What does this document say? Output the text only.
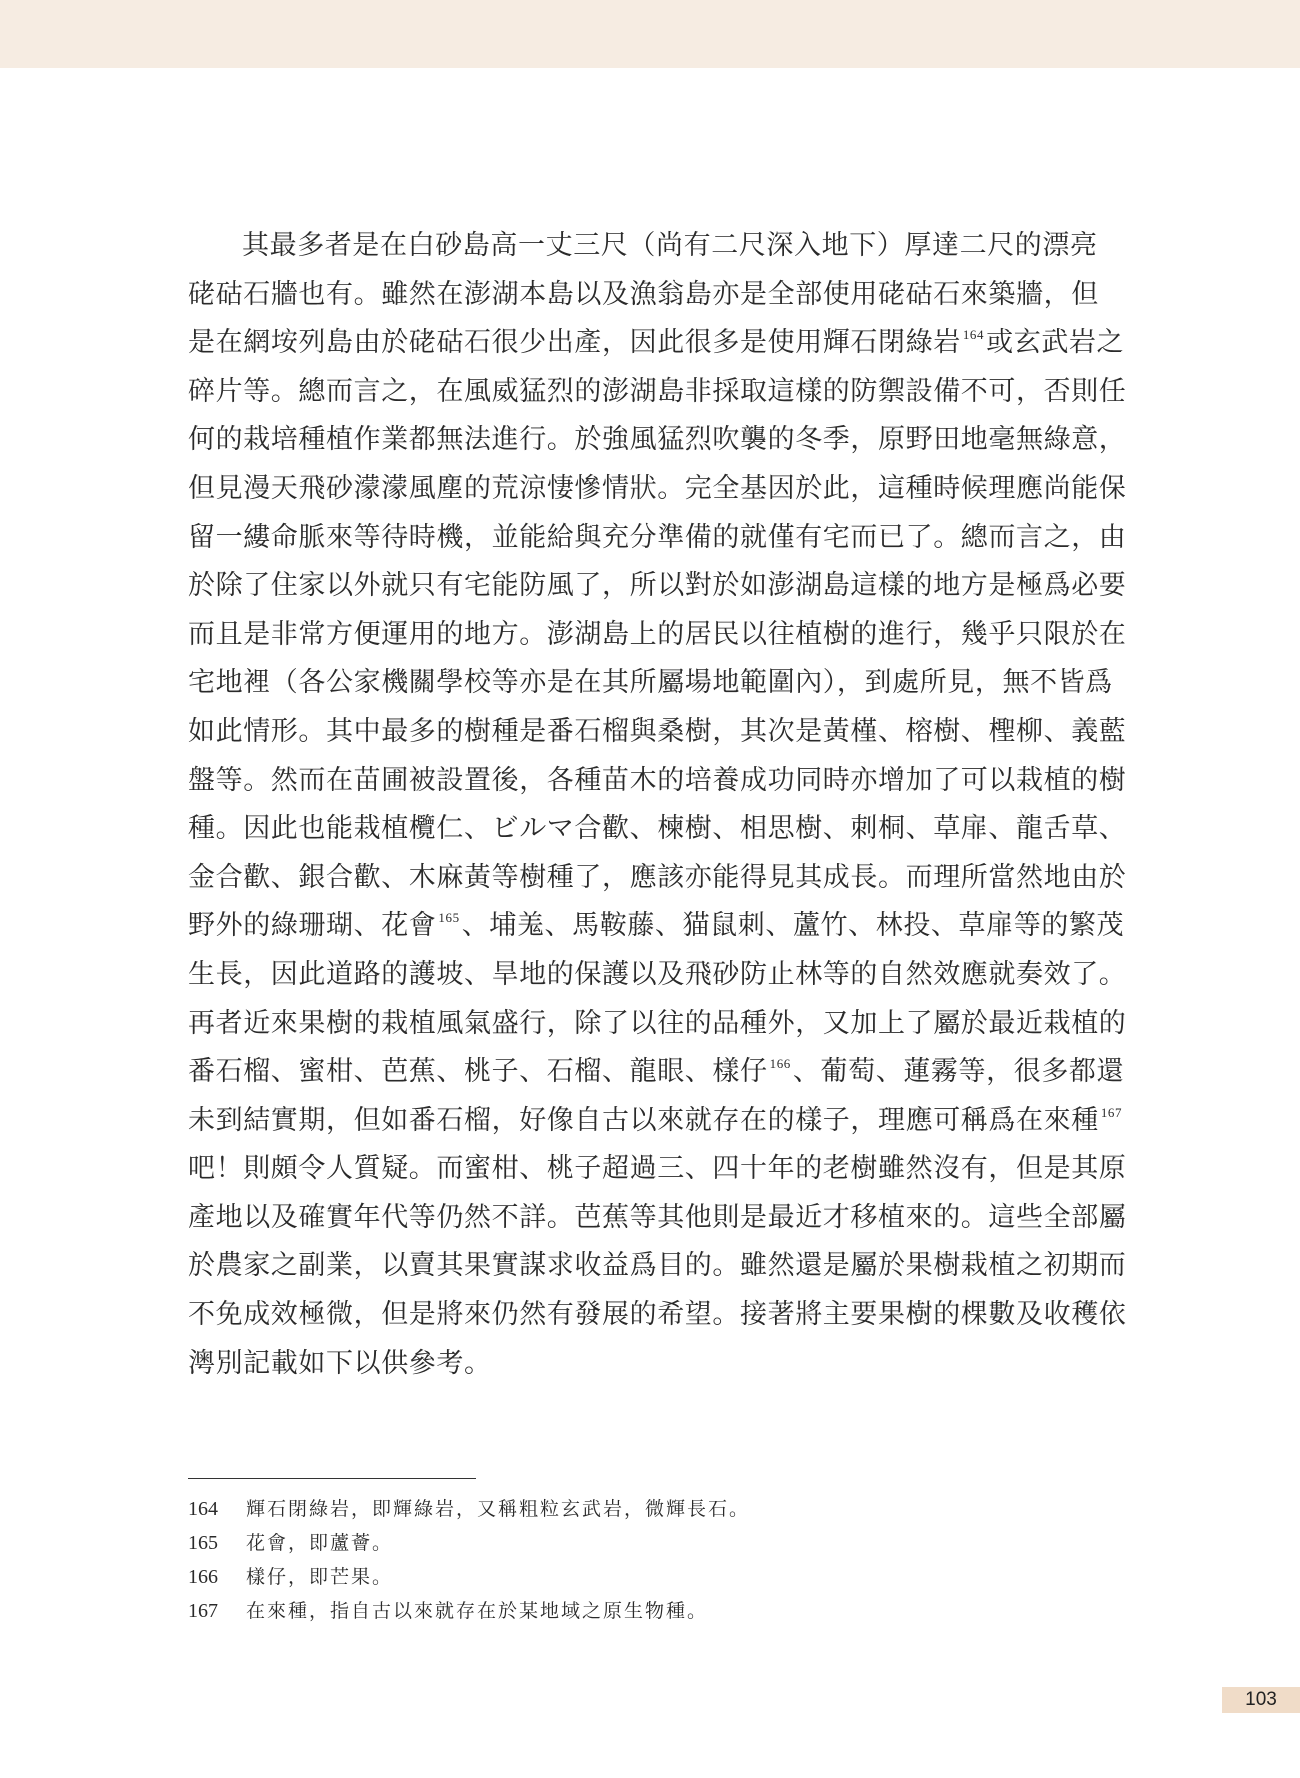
其最多者是在白砂島高一丈三尺（尚有二尺深入地下）厚達二尺的漂亮
硓𥑮石牆也有。雖然在澎湖本島以及漁翁島亦是全部使用硓𥑮石來築牆，但
是在網垵列島由於硓𥑮石很少出產，因此很多是使用輝石閉綠岩 $^{164}$或玄武岩之
碎片等。總而言之，在風威猛烈的澎湖島非採取這樣的防禦設備不可，否則任
何的栽培種植作業都無法進行。於強風猛烈吹襲的冬季，原野田地毫無綠意，
但見漫天飛砂濛濛風塵的荒涼悽慘情狀。完全基因於此，這種時候理應尚能保
留一縷命脈來等待時機，並能給與充分準備的就僅有宅而已了。總而言之，由
於除了住家以外就只有宅能防風了，所以對於如澎湖島這樣的地方是極爲必要
而且是非常方便運用的地方。澎湖島上的居民以往植樹的進行，幾乎只限於在
宅地裡（各公家機關學校等亦是在其所屬場地範圍內），到處所見，無不皆爲
如此情形。其中最多的樹種是番石榴與桑樹，其次是黃槿、榕樹、檉柳、義藍
盤等。然而在苗圃被設置後，各種苗木的培養成功同時亦增加了可以栽植的樹
種。因此也能栽植欖仁、ビルマ合歡、楝樹、相思樹、刺桐、草扉、龍舌草、
金合歡、銀合歡、木麻黃等樹種了，應該亦能得見其成長。而理所當然地由於
野外的綠珊瑚、花會 $^{165}$、埔羗、馬鞍藤、猫鼠刺、蘆竹、林投、草扉等的繁茂
生長，因此道路的護坡、旱地的保護以及飛砂防止林等的自然效應就奏效了。
再者近來果樹的栽植風氣盛行，除了以往的品種外，又加上了屬於最近栽植的
番石榴、蜜柑、芭蕉、桃子、石榴、龍眼、樣仔 $^{166}$、葡萄、蓮霧等，很多都還
未到結實期，但如番石榴，好像自古以來就存在的樣子，理應可稱爲在來種 $^{167}$
吧！則頗令人質疑。而蜜柑、桃子超過三、四十年的老樹雖然沒有，但是其原
產地以及確實年代等仍然不詳。芭蕉等其他則是最近才移植來的。這些全部屬
於農家之副業，以賣其果實謀求收益爲目的。雖然還是屬於果樹栽植之初期而
不免成效極微，但是將來仍然有發展的希望。接著將主要果樹的棵數及收穫依
澚別記載如下以供參考。

164 輝石閉綠岩，即輝綠岩，又稱粗粒玄武岩，微輝長石。
165 花會，即蘆薈。
166 樣仔，即芒果。
167 在來種，指自古以來就存在於某地域之原生物種。
103
